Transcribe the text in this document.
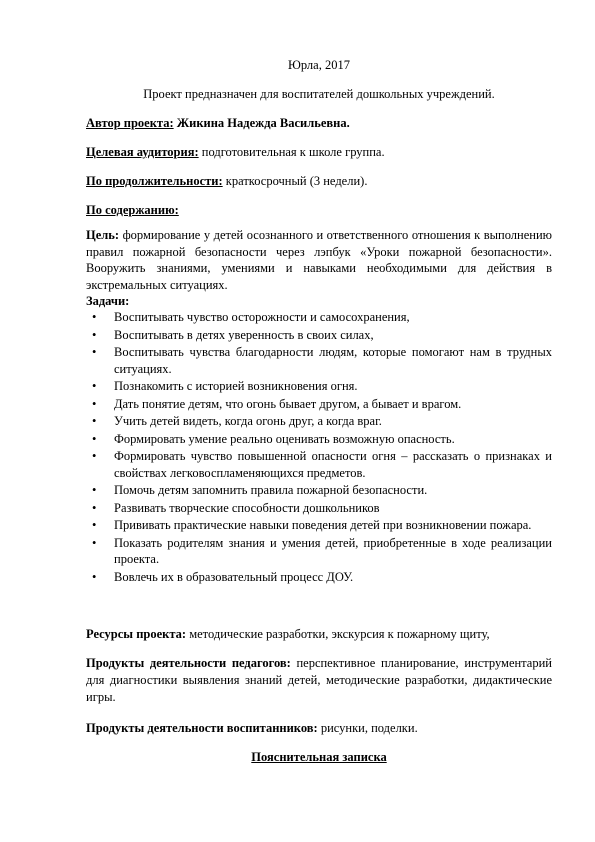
Юрла, 2017
Проект предназначен для воспитателей дошкольных учреждений.
Автор проекта: Жикина Надежда Васильевна.
Целевая аудитория: подготовительная к школе группа.
По продолжительности: краткосрочный (3 недели).
По содержанию:
Цель: формирование у детей осознанного и ответственного отношения к выполнению правил пожарной безопасности через лэпбук «Уроки пожарной безопасности». Вооружить знаниями, умениями и навыками необходимыми для действия в экстремальных ситуациях.
Задачи:
• Воспитывать чувство осторожности и самосохранения,
• Воспитывать в детях уверенность в своих силах,
• Воспитывать чувства благодарности людям, которые помогают нам в трудных ситуациях.
• Познакомить с историей возникновения огня.
• Дать понятие детям, что огонь бывает другом, а бывает и врагом.
• Учить детей видеть, когда огонь друг, а когда враг.
• Формировать умение реально оценивать возможную опасность.
• Формировать чувство повышенной опасности огня – рассказать о признаках и свойствах легковоспламеняющихся предметов.
• Помочь детям запомнить правила пожарной безопасности.
• Развивать творческие способности дошкольников
• Прививать практические навыки поведения детей при возникновении пожара.
• Показать родителям знания и умения детей, приобретенные в ходе реализации проекта.
• Вовлечь их в образовательный процесс ДОУ.
Ресурсы проекта: методические разработки, экскурсия к пожарному щиту,
Продукты деятельности педагогов: перспективное планирование, инструментарий для диагностики выявления знаний детей, методические разработки, дидактические игры.
Продукты деятельности воспитанников: рисунки, поделки.
Пояснительная записка
